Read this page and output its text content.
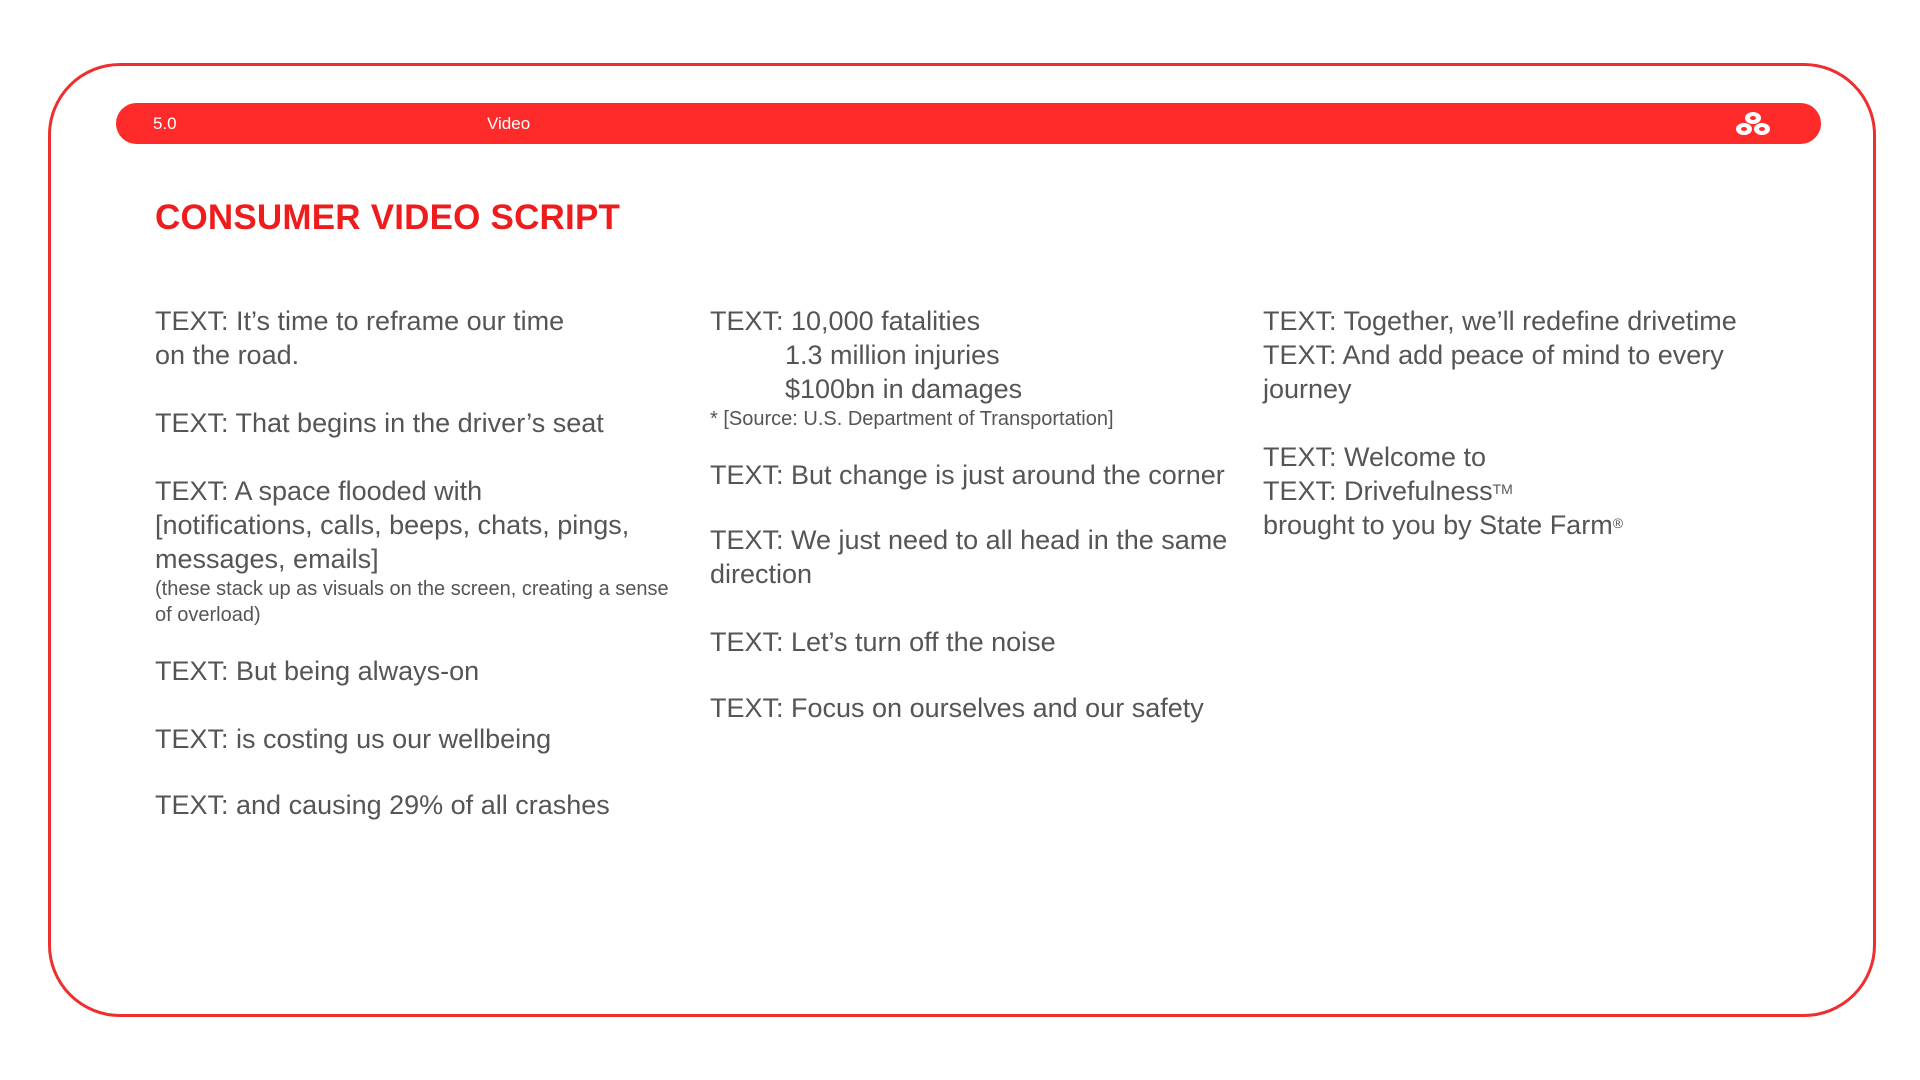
5.0	Video
CONSUMER VIDEO SCRIPT

TEXT: It’s time to reframe our time

on the road.

TEXT: That begins in the driver’s seat

TEXT: A space flooded with

[notifications, calls, beeps, chats, pings, messages, emails]

(these stack up as visuals on the screen, creating a sense of overload)

TEXT: But being always-on

TEXT: is costing us our wellbeing

TEXT: and causing 29% of all crashes

TEXT: 10,000 fatalities

1.3 million injuries

$100bn in damages

* [Source: U.S. Department of Transportation]

TEXT: But change is just around the corner

TEXT: We just need to all head in the same direction

TEXT: Let’s turn off the noise

TEXT: Focus on ourselves and our safety

TEXT: Together, we’ll redefine drivetime

TEXT: And add peace of mind to every journey

TEXT: Welcome to

TEXT: Drivefulness™

brought to you by State Farm®
